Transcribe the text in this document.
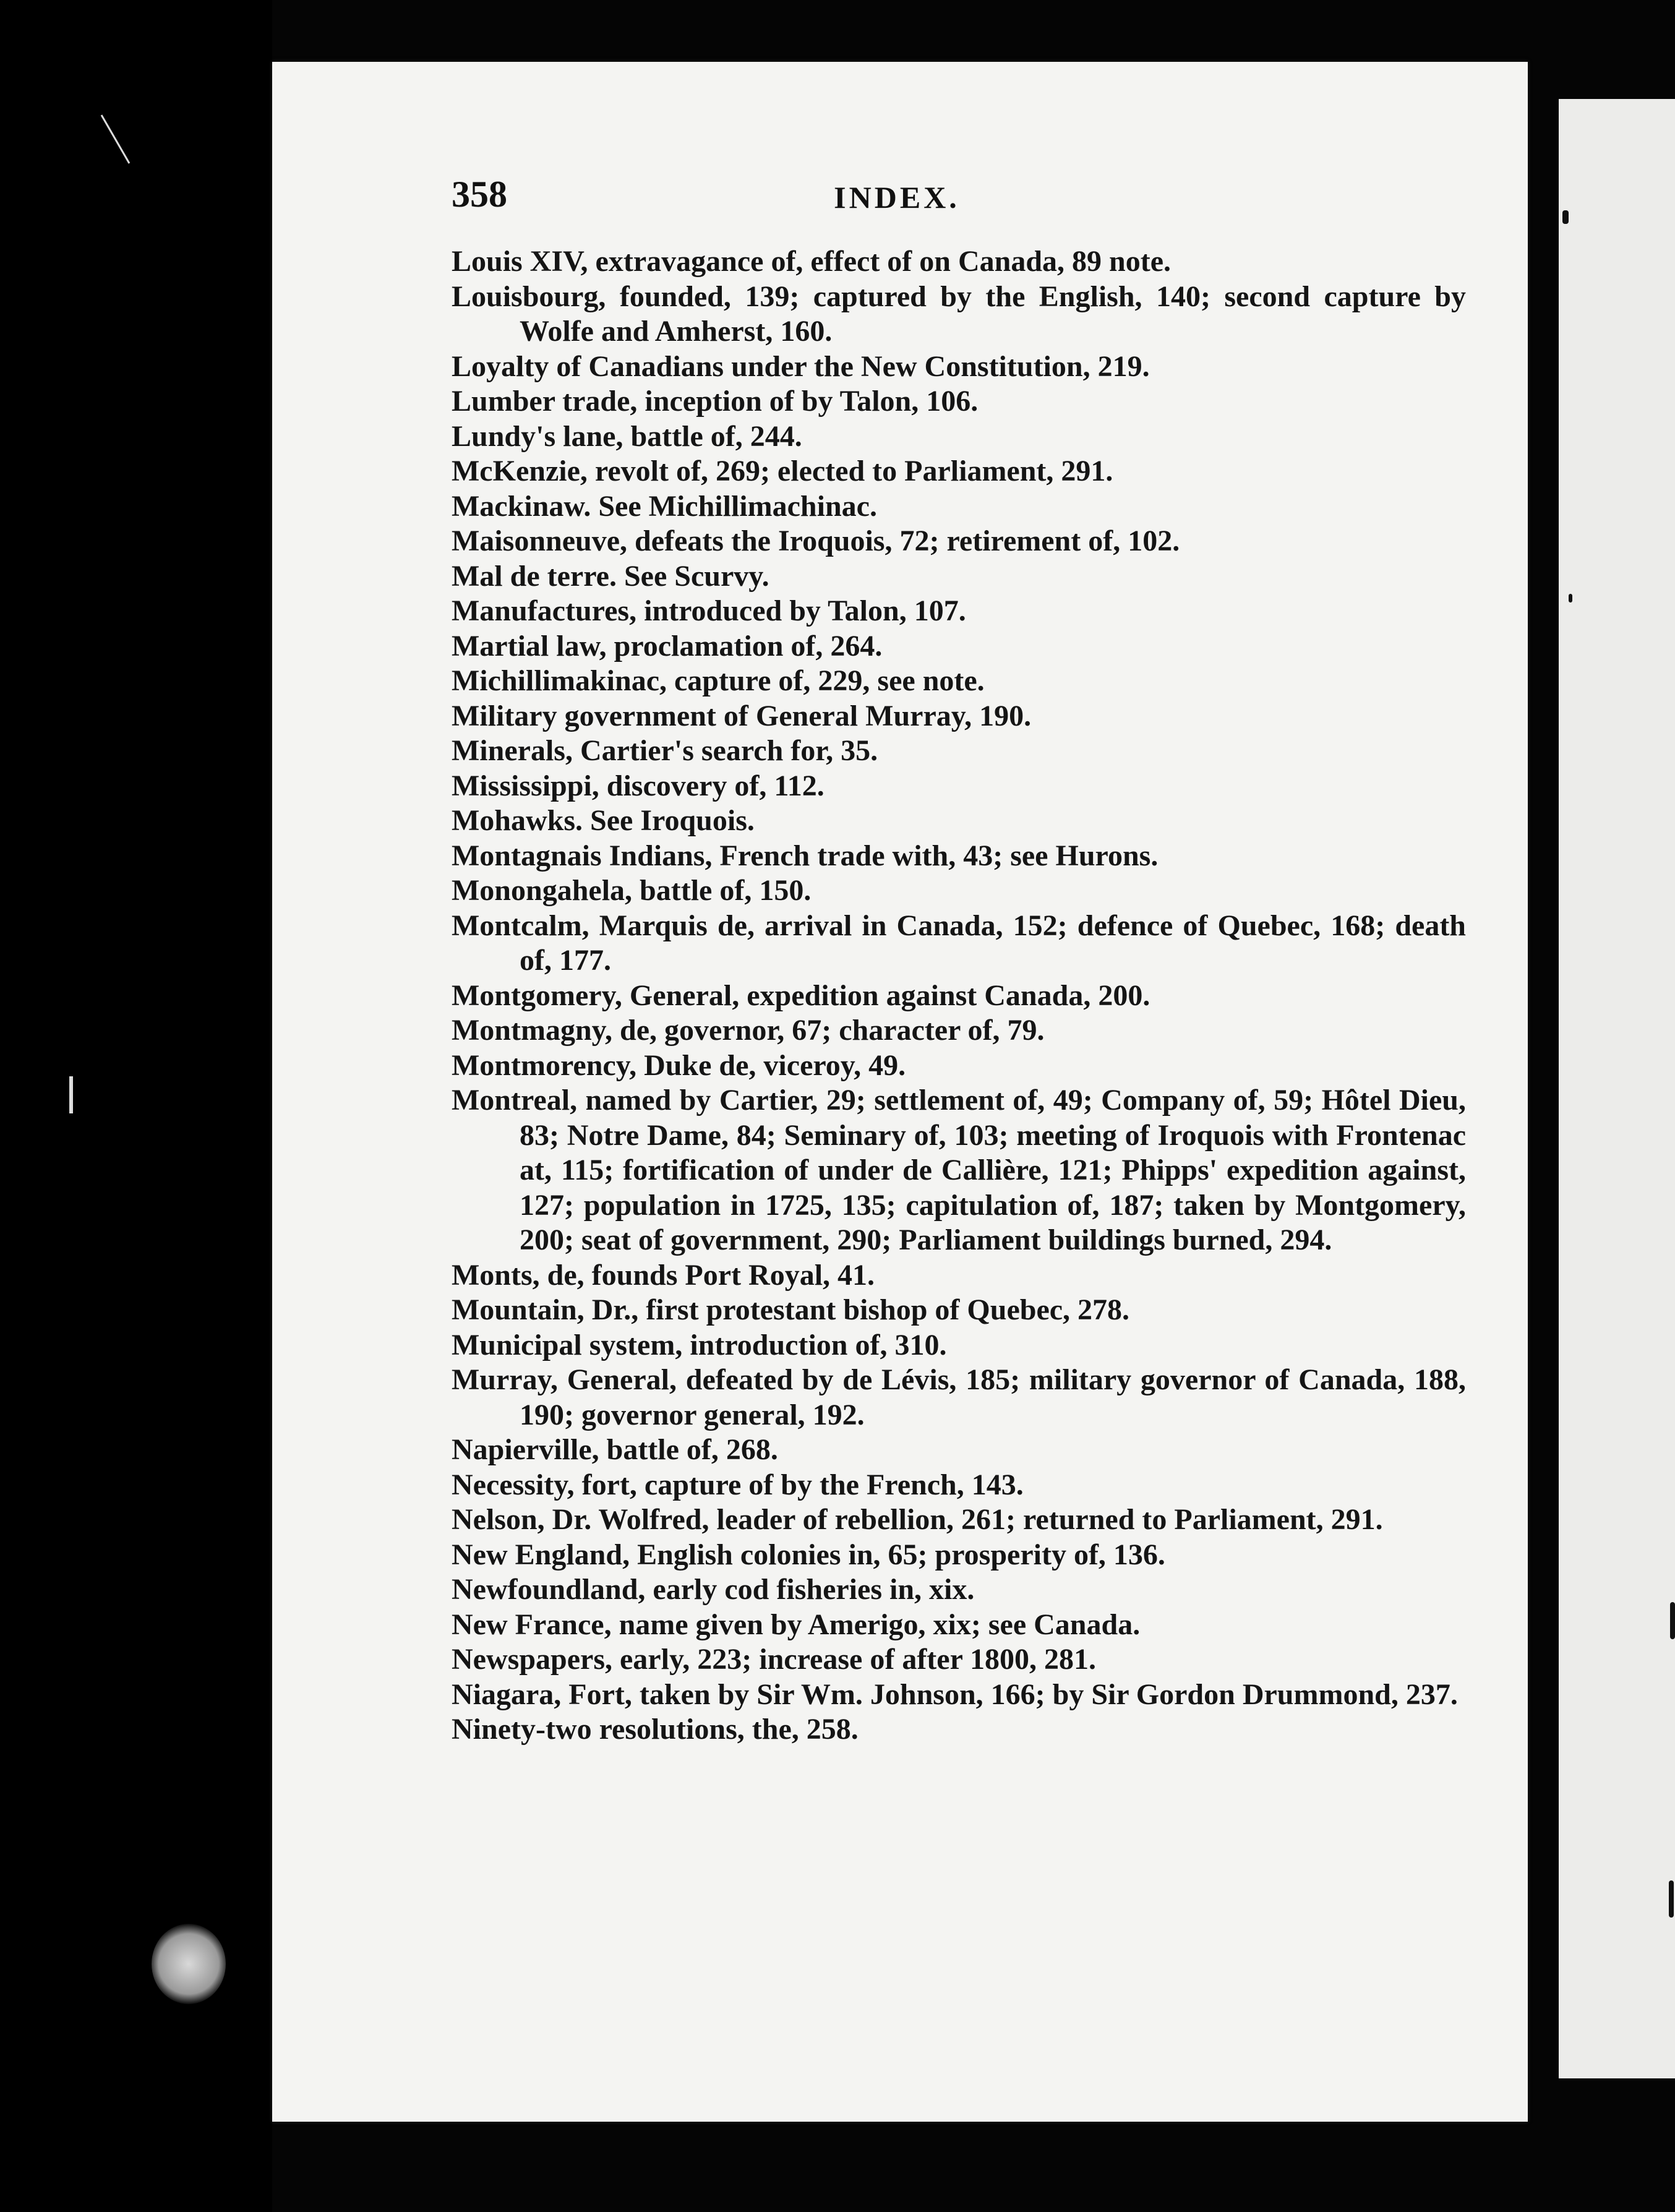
358	INDEX.

Louis XIV, extravagance of, effect of on Canada, 89 note.

Louisbourg, founded, 139; captured by the English, 140; second capture by Wolfe and Amherst, 160.

Loyalty of Canadians under the New Constitution, 219.

Lumber trade, inception of by Talon, 106.

Lundy's lane, battle of, 244.

McKenzie, revolt of, 269; elected to Parliament, 291.

Mackinaw. See Michillimachinac.

Maisonneuve, defeats the Iroquois, 72; retirement of, 102.

Mal de terre. See Scurvy.

Manufactures, introduced by Talon, 107.

Martial law, proclamation of, 264.

Michillimakinac, capture of, 229, see note.

Military government of General Murray, 190.

Minerals, Cartier's search for, 35.

Mississippi, discovery of, 112.

Mohawks. See Iroquois.

Montagnais Indians, French trade with, 43; see Hurons.

Monongahela, battle of, 150.

Montcalm, Marquis de, arrival in Canada, 152; defence of Quebec, 168; death of, 177.

Montgomery, General, expedition against Canada, 200.

Montmagny, de, governor, 67; character of, 79.

Montmorency, Duke de, viceroy, 49.

Montreal, named by Cartier, 29; settlement of, 49; Company of, 59; Hôtel Dieu, 83; Notre Dame, 84; Seminary of, 103; meeting of Iroquois with Frontenac at, 115; fortification of under de Callière, 121; Phipps' expedition against, 127; population in 1725, 135; capitulation of, 187; taken by Montgomery, 200; seat of government, 290; Parliament buildings burned, 294.

Monts, de, founds Port Royal, 41.

Mountain, Dr., first protestant bishop of Quebec, 278.

Municipal system, introduction of, 310.

Murray, General, defeated by de Lévis, 185; military governor of Canada, 188, 190; governor general, 192.

Napierville, battle of, 268.

Necessity, fort, capture of by the French, 143.

Nelson, Dr. Wolfred, leader of rebellion, 261; returned to Parliament, 291.

New England, English colonies in, 65; prosperity of, 136.

Newfoundland, early cod fisheries in, xix.

New France, name given by Amerigo, xix; see Canada.

Newspapers, early, 223; increase of after 1800, 281.

Niagara, Fort, taken by Sir Wm. Johnson, 166; by Sir Gordon Drummond, 237.

Ninety-two resolutions, the, 258.
